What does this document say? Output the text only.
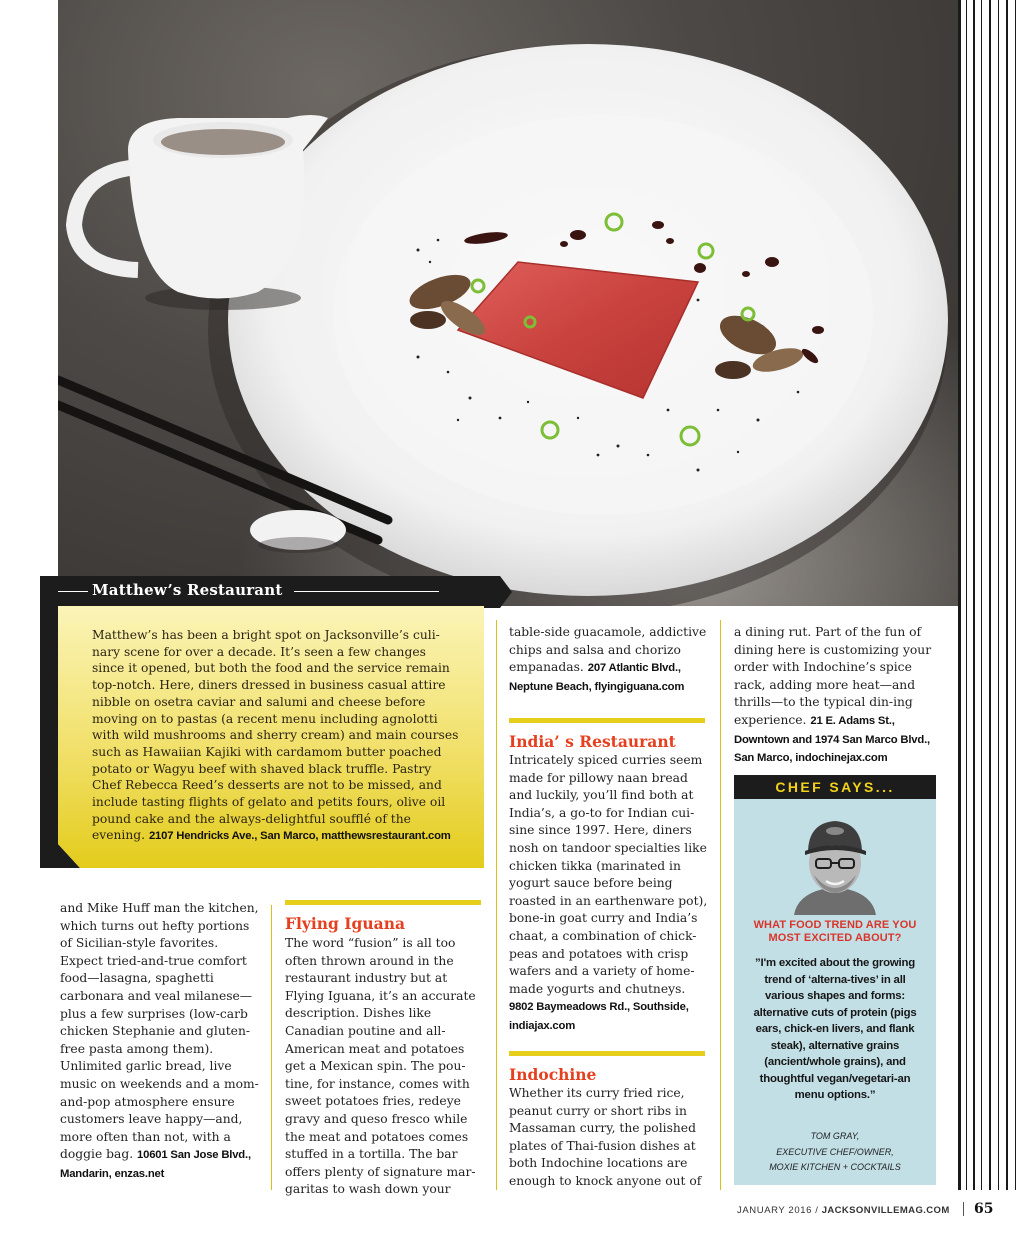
Matthew’s Restaurant
Matthew’s has been a bright spot on Jacksonville’s culi-nary scene for over a decade. It’s seen a few changes since it opened, but both the food and the service remain top-notch. Here, diners dressed in business casual attire nibble on osetra caviar and salumi and cheese before moving on to pastas (a recent menu including agnolotti with wild mushrooms and sherry cream) and main courses such as Hawaiian Kajiki with cardamom butter poached potato or Wagyu beef with shaved black truffle. Pastry Chef Rebecca Reed’s desserts are not to be missed, and include tasting flights of gelato and petits fours, olive oil pound cake and the always-delightful soufflé of the evening. 2107 Hendricks Ave., San Marco, matthewsrestaurant.com
and Mike Huff man the kitchen, which turns out hefty portions of Sicilian-style favorites. Expect tried-and-true comfort food—lasagna, spaghetti carbonara and veal milanese—plus a few surprises (low-carb chicken Stephanie and gluten-free pasta among them). Unlimited garlic bread, live music on weekends and a mom-and-pop atmosphere ensure customers leave happy—and, more often than not, with a doggie bag. 10601 San Jose Blvd., Mandarin, enzas.net
Flying Iguana
The word “fusion” is all too often thrown around in the restaurant industry but at Flying Iguana, it’s an accurate description. Dishes like Canadian poutine and all-American meat and potatoes get a Mexican spin. The pou-tine, for instance, comes with sweet potatoes fries, redeye gravy and queso fresco while the meat and potatoes comes stuffed in a tortilla. The bar offers plenty of signature mar-garitas to wash down your
table-side guacamole, addictive chips and salsa and chorizo empanadas. 207 Atlantic Blvd., Neptune Beach, flyingiguana.com
India’ s Restaurant
Intricately spiced curries seem made for pillowy naan bread and luckily, you’ll find both at India’s, a go-to for Indian cui-sine since 1997. Here, diners nosh on tandoor specialties like chicken tikka (marinated in yogurt sauce before being roasted in an earthenware pot), bone-in goat curry and India’s chaat, a combination of chick-peas and potatoes with crisp wafers and a variety of home-made yogurts and chutneys. 9802 Baymeadows Rd., Southside, indiajax.com
Indochine
Whether its curry fried rice, peanut curry or short ribs in Massaman curry, the polished plates of Thai-fusion dishes at both Indochine locations are enough to knock anyone out of
a dining rut. Part of the fun of dining here is customizing your order with Indochine’s spice rack, adding more heat—and thrills—to the typical din-ing experience. 21 E. Adams St., Downtown and 1974 San Marco Blvd., San Marco, indochinejax.com
CHEF SAYS...
WHAT FOOD TREND ARE YOU MOST EXCITED ABOUT?
”I'm excited about the growing trend of ‘alterna-tives’ in all various shapes and forms: alternative cuts of protein (pigs ears, chick-en livers, and flank steak), alternative grains (ancient/whole grains), and thoughtful vegan/vegetari-an menu options.”
TOM GRAY,
EXECUTIVE CHEF/OWNER,
MOXIE KITCHEN + COCKTAILS
JANUARY 2016 / JACKSONVILLEMAG.COM 65
